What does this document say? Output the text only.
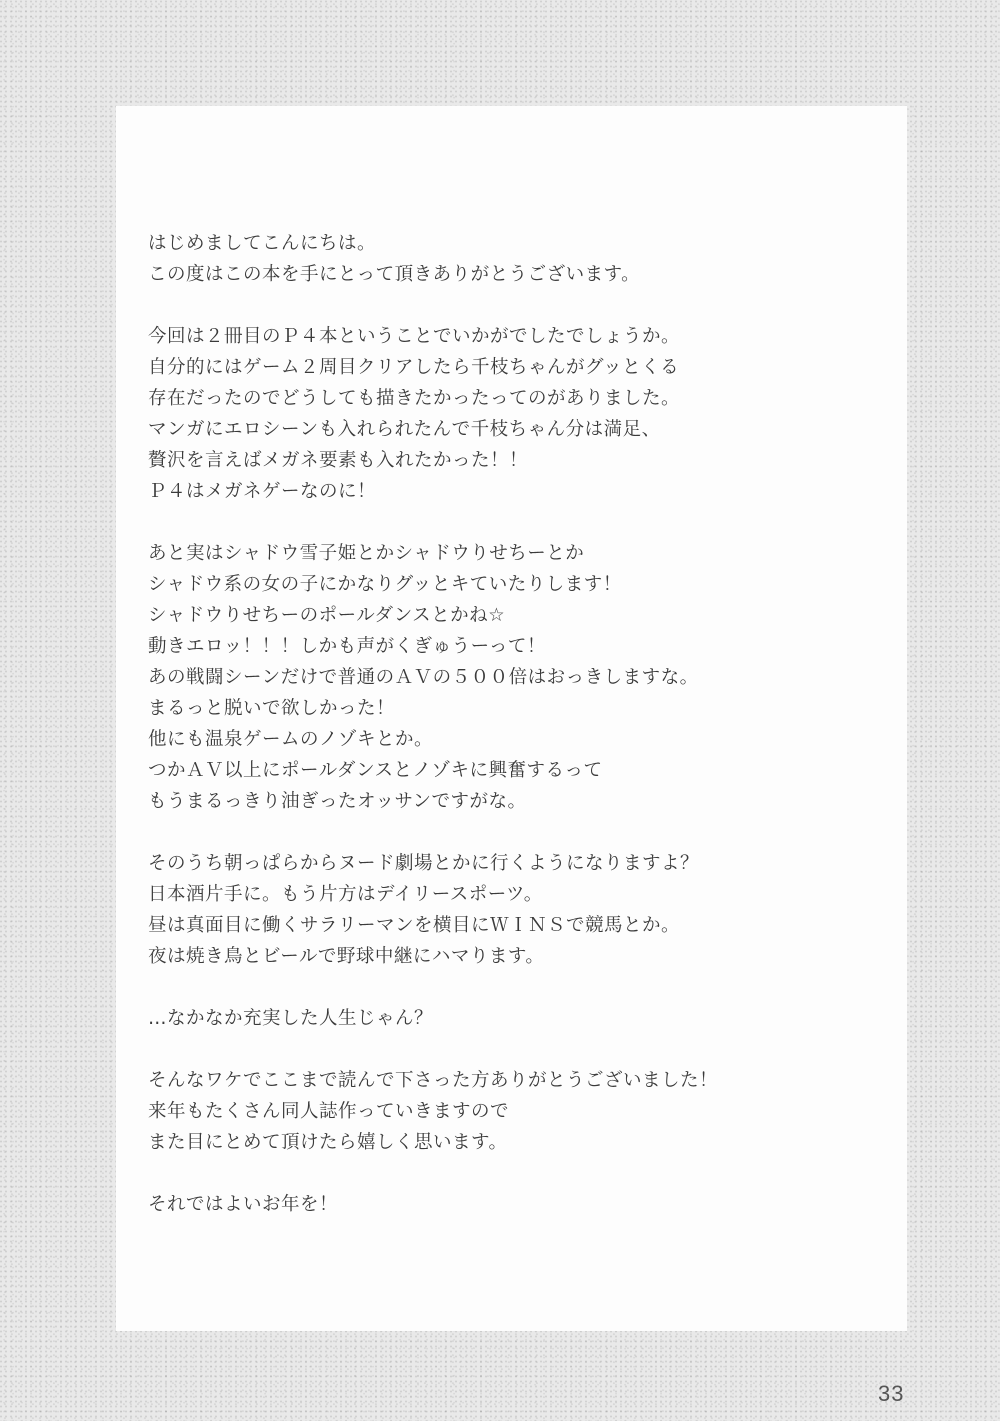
はじめましてこんにちは。
この度はこの本を手にとって頂きありがとうございます。
今回は２冊目のＰ４本ということでいかがでしたでしょうか。
自分的にはゲーム２周目クリアしたら千枝ちゃんがグッとくる
存在だったのでどうしても描きたかったってのがありました。
マンガにエロシーンも入れられたんで千枝ちゃん分は満足、
贅沢を言えばメガネ要素も入れたかった！！
Ｐ４はメガネゲーなのに！
あと実はシャドウ雪子姫とかシャドウりせちーとか
シャドウ系の女の子にかなりグッとキていたりします！
シャドウりせちーのポールダンスとかね☆
動きエロッ！！！しかも声がくぎゅうーって！
あの戦闘シーンだけで普通のＡＶの５００倍はおっきしますな。
まるっと脱いで欲しかった！
他にも温泉ゲームのノゾキとか。
つかＡＶ以上にポールダンスとノゾキに興奮するって
もうまるっきり油ぎったオッサンですがな。
そのうち朝っぱらからヌード劇場とかに行くようになりますよ？
日本酒片手に。もう片方はデイリースポーツ。
昼は真面目に働くサラリーマンを横目にＷＩＮＳで競馬とか。
夜は焼き鳥とビールで野球中継にハマります。
…なかなか充実した人生じゃん？
そんなワケでここまで読んで下さった方ありがとうございました！
来年もたくさん同人誌作っていきますので
また目にとめて頂けたら嬉しく思います。
それではよいお年を！
33
